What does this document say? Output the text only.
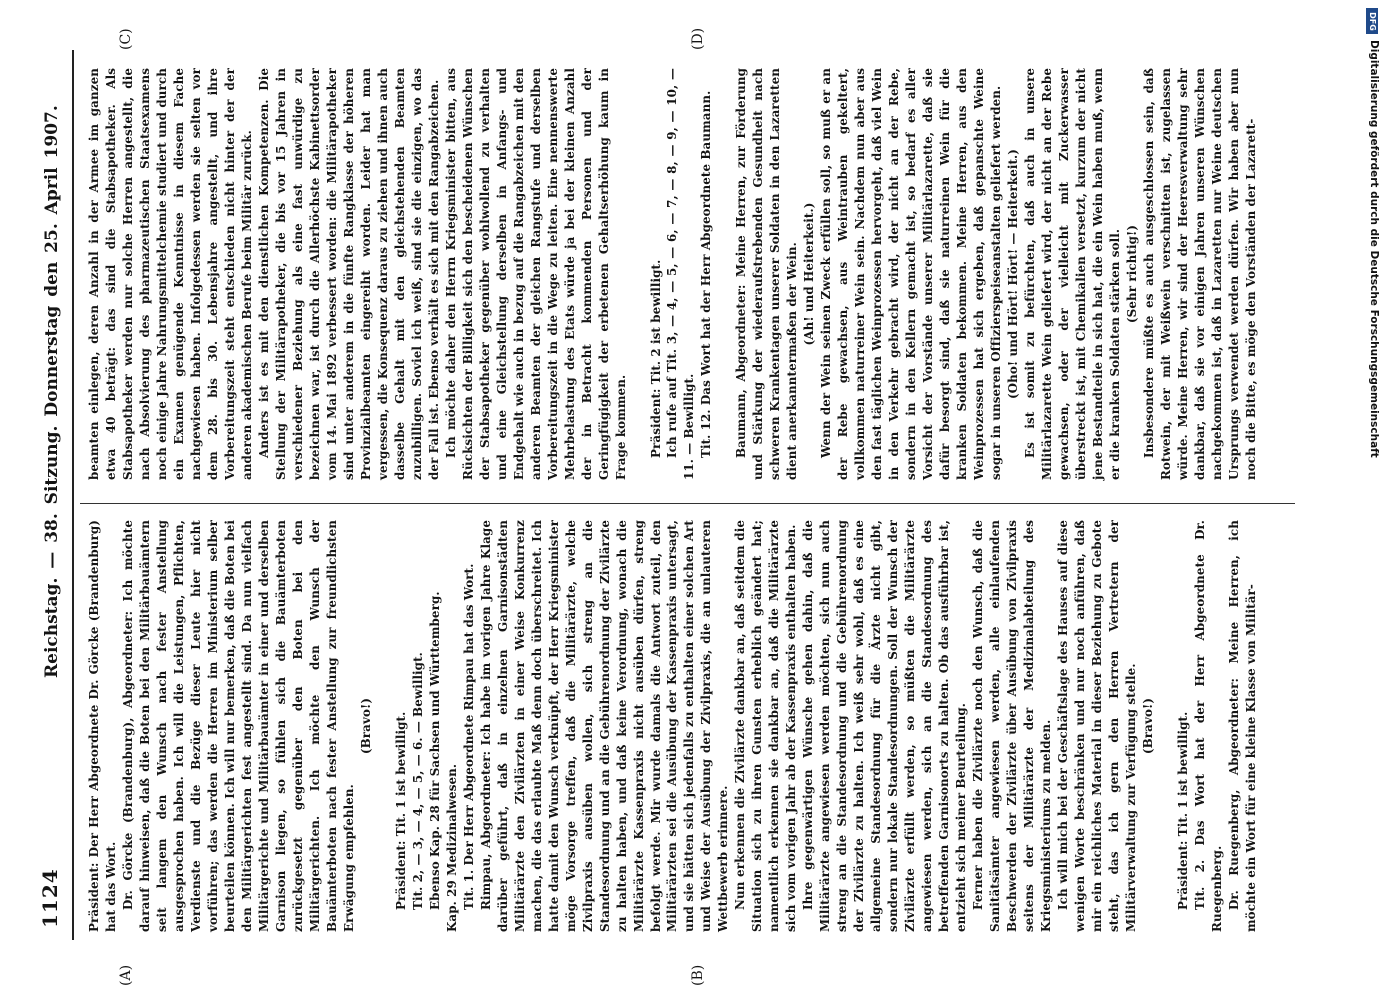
1124
Reichstag. — 38. Sitzung. Donnerstag den 25. April 1907.
(A)	(B)
(C)	(D)

Präsident: Der Herr Abgeordnete Dr. Görcke (Brandenburg) hat das Wort. Dr. Görcke (Brandenburg), Abgeordneter: Ich möchte darauf hinweisen, daß die Boten bei den Militärbauämtern seit langem den Wunsch nach fester Anstellung ausgesprochen haben. Ich will die Leistungen, Pflichten, Verdienste und die Bezüge dieser Leute hier nicht vorführen; das werden die Herren im Ministerium selber beurteilen können. Ich will nur bemerken, daß die Boten bei den Militärgerichten fest angestellt sind. Da nun vielfach Militärgerichte und Militärbauämter in einer und derselben Garnison liegen, so fühlen sich die Bauämterboten zurückgesetzt gegenüber den Boten bei den Militärgerichten. Ich möchte den Wunsch der Bauämterboten nach fester Anstellung zur freundlichsten Erwägung empfehlen.

(Bravo!) Präsident: Tit. 1 ist bewilligt. Tit. 2, — 3, — 4, — 5, — 6. — Bewilligt. Ebenso Kap. 28 für Sachsen und Württemberg. Kap. 29 Medizinalwesen. Tit. 1. Der Herr Abgeordnete Rimpau hat das Wort. Rimpau, Abgeordneter: Ich habe im vorigen Jahre Klage darüber geführt, daß in einzelnen Garnisonstädten Militärärzte den Zivilärzten in einer Weise Konkurrenz machen, die das erlaubte Maß denn doch überschreitet. Ich hatte damit den Wunsch verknüpft, der Herr Kriegsminister möge Vorsorge treffen, daß die Militärärzte, welche Zivilpraxis ausüben wollen, sich streng an die Standesordnung und an die Gebührenordnung der Zivilärzte zu halten haben, und daß keine Verordnung, wonach die Militärärzte Kassenpraxis nicht ausüben dürfen, streng befolgt werde. Mir wurde damals die Antwort zuteil, den Militärärzten sei die Ausübung der Kassenpraxis untersagt, und sie hätten sich jedenfalls zu enthalten einer solchen Art und Weise der Ausübung der Zivilpraxis, die an unlauteren Wettbewerb erinnere. Nun erkennen die Zivilärzte dankbar an, daß seitdem die Situation sich zu ihren Gunsten erheblich geändert hat; namentlich erkennen sie dankbar an, daß die Militärärzte sich vom vorigen Jahr ab der Kassenpraxis enthalten haben. Ihre gegenwärtigen Wünsche gehen dahin, daß die Militärärzte angewiesen werden möchten, sich nun auch streng an die Standesordnung und die Gebührenordnung der Zivilärzte zu halten. Ich weiß sehr wohl, daß es eine allgemeine Standesordnung für die Ärzte nicht gibt, sondern nur lokale Standesordnungen. Soll der Wunsch der Zivilärzte erfüllt werden, so müßten die Militärärzte angewiesen werden, sich an die Standesordnung des betreffenden Garnisonorts zu halten. Ob das ausführbar ist, entzieht sich meiner Beurteilung. Ferner haben die Zivilärzte noch den Wunsch, daß die Sanitätsämter angewiesen werden, alle einlaufenden Beschwerden der Zivilärzte über Ausübung von Zivilpraxis seitens der Militärärzte der Medizinalabteilung des Kriegsministeriums zu melden. Ich will mich bei der Geschäftslage des Hauses auf diese wenigen Worte beschränken und nur noch anführen, daß mir ein reichliches Material in dieser Beziehung zu Gebote steht, das ich gern den Herren Vertretern der Militärverwaltung zur Verfügung stelle. (Bravo!) Präsident: Tit. 1 ist bewilligt. Tit. 2. Das Wort hat der Herr Abgeordnete Dr. Ruegenberg. Dr. Ruegenberg, Abgeordneter: Meine Herren, ich möchte ein Wort für eine kleine Klasse von Militär-

beamten einlegen, deren Anzahl in der Armee im ganzen etwa 40 beträgt: das sind die Stabsapotheker. Als Stabsapotheker werden nur solche Herren angestellt, die nach Absolvierung des pharmazeutischen Staatsexamens noch einige Jahre Nahrungsmittelchemie studiert und durch ein Examen genügende Kenntnisse in diesem Fache nachgewiesen haben. Infolgedessen werden sie selten vor dem 28. bis 30. Lebensjahre angestellt, und ihre Vorbereitungszeit steht entschieden nicht hinter der der anderen akademischen Berufe beim Militär zurück. Anders ist es mit den dienstlichen Kompetenzen. Die Stellung der Militärapotheker, die bis vor 15 Jahren in verschiedener Beziehung als eine fast unwürdige zu bezeichnen war, ist durch die Allerhöchste Kabinettsorder vom 14. Mai 1892 verbessert worden: die Militärapotheker sind unter anderem in die fünfte Rangklasse der höheren Provinzialbeamten eingereiht worden. Leider hat man vergessen, die Konsequenz daraus zu ziehen und ihnen auch dasselbe Gehalt mit den gleichstehenden Beamten zuzubilligen. Soviel ich weiß, sind sie die einzigen, wo das der Fall ist. Ebenso verhält es sich mit den Rangabzeichen. Ich möchte daher den Herrn Kriegsminister bitten, aus Rücksichten der Billigkeit sich den bescheidenen Wünschen der Stabsapotheker gegenüber wohlwollend zu verhalten und eine Gleichstellung derselben in Anfangs- und Endgehalt wie auch in bezug auf die Rangabzeichen mit den anderen Beamten der gleichen Rangstufe und derselben Vorbereitungszeit in die Wege zu leiten. Eine nennenswerte Mehrbelastung des Etats würde ja bei der kleinen Anzahl der in Betracht kommenden Personen und der Geringfügigkeit der erbetenen Gehaltserhöhung kaum in Frage kommen. Präsident: Tit. 2 ist bewilligt. Ich rufe auf Tit. 3, — 4, — 5, — 6, — 7, — 8, — 9, — 10, — 11. — Bewilligt. Tit. 12. Das Wort hat der Herr Abgeordnete Baumann. Baumann, Abgeordneter: Meine Herren, zur Förderung und Stärkung der wiederaufstrebenden Gesundheit nach schweren Krankentagen unserer Soldaten in den Lazaretten dient anerkanntermaßen der Wein. (Ah! und Heiterkeit.) Wenn der Wein seinen Zweck erfüllen soll, so muß er an der Rebe gewachsen, aus Weintrauben gekeltert, vollkommen naturreiner Wein sein. Nachdem nun aber aus den fast täglichen Weinprozessen hervorgeht, daß viel Wein in den Verkehr gebracht wird, der nicht an der Rebe, sondern in den Kellern gemacht ist, so bedarf es aller Vorsicht der Vorstände unserer Militärlazarette, daß sie dafür besorgt sind, daß sie naturreinen Wein für die kranken Soldaten bekommen. Meine Herren, aus den Weinprozessen hat sich ergeben, daß gepanschte Weine sogar in unseren Offizierspeiseanstalten geliefert werden. (Oho! und Hört! Hört! — Heiterkeit.) Es ist somit zu befürchten, daß auch in unsere Militärlazarette Wein geliefert wird, der nicht an der Rebe gewachsen, oder der vielleicht mit Zuckerwasser überstreckt ist, mit Chemikalien versetzt, kurzum der nicht jene Bestandteile in sich hat, die ein Wein haben muß, wenn er die kranken Soldaten stärken soll. (Sehr richtig!) Insbesondere müßte es auch ausgeschlossen sein, daß Rotwein, der mit Weißwein verschnitten ist, zugelassen würde. Meine Herren, wir sind der Heeresverwaltung sehr dankbar, daß sie vor einigen Jahren unseren Wünschen nachgekommen ist, daß in Lazaretten nur Weine deutschen Ursprungs verwendet werden dürfen. Wir haben aber nun noch die Bitte, es möge den Vorständen der Lazarett-

DFG
Digitalisierung gefördert durch die Deutsche Forschungsgemeinschaft
